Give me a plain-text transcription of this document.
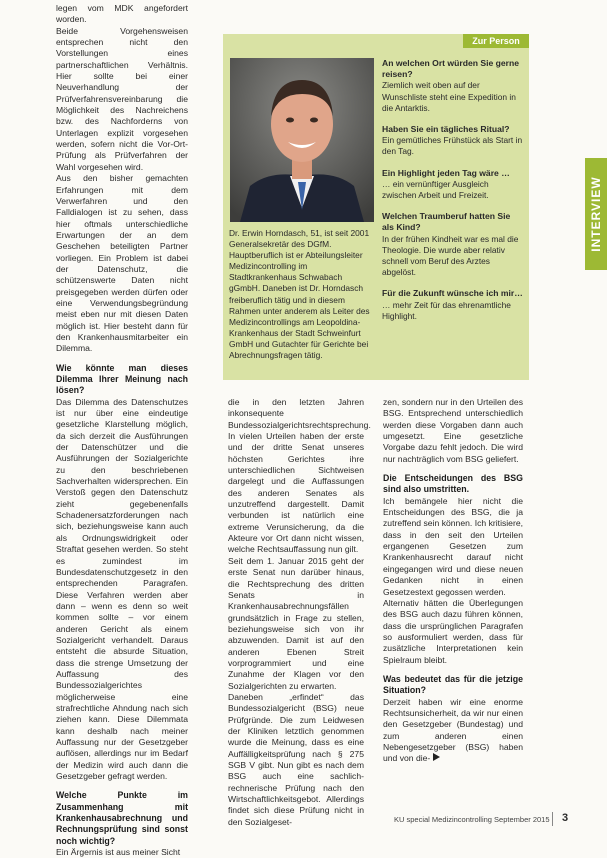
legen vom MDK angefordert worden.

Beide Vorgehensweisen entsprechen nicht den Vorstellungen eines partnerschaftlichen Verhältnis. Hier sollte bei einer Neuverhandlung der Prüfverfahrensvereinbarung die Möglichkeit des Nachreichens bzw. des Nachforderns von Unterlagen explizit vorgesehen werden, sofern nicht die Vor-Ort-Prüfung als Prüfverfahren der Wahl vorgesehen wird.

Aus den bisher gemachten Erfahrungen mit dem Verwerfahren und den Falldialogen ist zu sehen, dass hier oftmals unterschiedliche Erwartungen der an dem Geschehen beteiligten Partner vorliegen. Ein Problem ist dabei der Datenschutz, die schützenswerte Daten nicht preisgegeben werden dürfen oder eine Verwendungsbegründung meist eben nur mit diesen Daten möglich ist. Hier besteht dann für den Krankenhausmitarbeiter ein Dilemma.

Wie könnte man dieses Dilemma Ihrer Meinung nach lösen?

Das Dilemma des Datenschutzes ist nur über eine eindeutige gesetzliche Klarstellung möglich, da sich derzeit die Ausführungen der Datenschützer und die Ausführungen der Sozialgerichte zu den beschriebenen Sachverhalten widersprechen. Ein Verstoß gegen den Datenschutz zieht gegebenenfalls Schadenersatzforderungen nach sich, beziehungsweise kann auch als Ordnungswidrigkeit oder Straftat gesehen werden. So steht es zumindest im Bundesdatenschutzgesetz in den entsprechenden Paragrafen. Diese Verfahren werden aber dann – wenn es denn so weit kommen sollte – vor einem anderen Gericht als einem Sozialgericht verhandelt. Daraus entsteht die absurde Situation, dass die strenge Umsetzung der Auffassung des Bundessozialgerichtes möglicherweise eine strafrechtliche Ahndung nach sich ziehen kann. Diese Dilemmata kann deshalb nach meiner Auffassung nur der Gesetzgeber auflösen, allerdings nur im Bedarf der Medizin wird auch dann die Gesetzgeber gefragt werden.

Welche Punkte im Zusammenhang mit Krankenhausabrechnung und Rechnungsprüfung sind sonst noch wichtig?

Ein Ärgernis ist aus meiner Sicht

Zur Person
Dr. Erwin Horndasch, 51, ist seit 2001 Generalsekretär des DGfM. Hauptberuflich ist er Abteilungsleiter Medizincontrolling im Stadtkrankenhaus Schwabach gGmbH. Daneben ist Dr. Horndasch freiberuflich tätig und in diesem Rahmen unter anderem als Leiter des Medizincontrollings am Leopoldina-Krankenhaus der Stadt Schweinfurt GmbH und Gutachter für Gerichte bei Abrechnungsfragen tätig.
An welchen Ort würden Sie gerne reisen?

Ziemlich weit oben auf der Wunschliste steht eine Expedition in die Antarktis.

Haben Sie ein tägliches Ritual?

Ein gemütliches Frühstück als Start in den Tag.

Ein Highlight jeden Tag wäre …

… ein vernünftiger Ausgleich zwischen Arbeit und Freizeit.

Welchen Traumberuf hatten Sie als Kind?

In der frühen Kindheit war es mal die Theologie. Die wurde aber relativ schnell vom Beruf des Arztes abgelöst.

Für die Zukunft wünsche ich mir…

… mehr Zeit für das ehrenamtliche Highlight.

INTERVIEW

die in den letzten Jahren inkonsequente Bundessozialgerichtsrechtsprechung. In vielen Urteilen haben der erste und der dritte Senat unseres höchsten Gerichtes ihre unterschiedlichen Sichtweisen dargelegt und die Auffassungen des anderen Senates als unzutreffend dargestellt. Damit verbunden ist natürlich eine extreme Verunsicherung, da die Akteure vor Ort dann nicht wissen, welche Rechtsauffassung nun gilt.

Seit dem 1. Januar 2015 geht der erste Senat nun darüber hinaus, die Rechtsprechung des dritten Senats in Krankenhausabrechnungsfällen grundsätzlich in Frage zu stellen, beziehungsweise sich von ihr abzuwenden. Damit ist auf den anderen Ebenen Streit vorprogrammiert und eine Zunahme der Klagen vor den Sozialgerichten zu erwarten.

Daneben „erfindet“ das Bundessozialgericht (BSG) neue Prüfgründe. Die zum Leidwesen der Kliniken letztlich genommen wurde die Meinung, dass es eine Auffälligkeitsprüfung nach § 275 SGB V gibt. Nun gibt es nach dem BSG auch eine sachlich-rechnerische Prüfung nach den Wirtschaftlichkeitsgebot. Allerdings findet sich diese Prüfung nicht in den Sozialgeset-

zen, sondern nur in den Urteilen des BSG. Entsprechend unterschiedlich werden diese Vorgaben dann auch umgesetzt. Eine gesetzliche Vorgabe dazu fehlt jedoch. Die wird nur nachträglich vom BSG geliefert.

Die Entscheidungen des BSG sind also umstritten.

Ich bemängele hier nicht die Entscheidungen des BSG, die ja zutreffend sein können. Ich kritisiere, dass in den seit den Urteilen ergangenen Gesetzen zum Krankenhausrecht darauf nicht eingegangen wird und diese neuen Gedanken nicht in einen Gesetzestext gegossen werden.

Alternativ hätten die Überlegungen des BSG auch dazu führen können, dass die ursprünglichen Paragrafen so ausformuliert werden, dass für zusätzliche Interpretationen kein Spielraum bleibt.

Was bedeutet das für die jetzige Situation?

Derzeit haben wir eine enorme Rechtsunsicherheit, da wir nur einen den Gesetzgeber (Bundestag) und zum anderen einen Nebengesetzgeber (BSG) haben und von die-

KU special Medizincontrolling September 2015 3
